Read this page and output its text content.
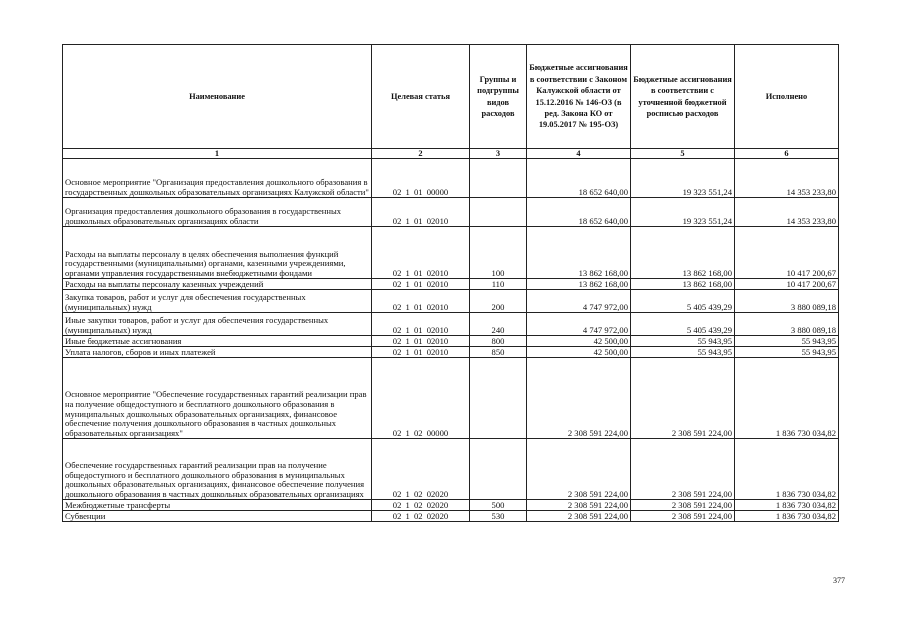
Наименование	Целевая статья	Группы и подгруппы видов расходов	Бюджетные ассигнования в соответствии с Законом Калужской области от 15.12.2016 № 146-ОЗ (в ред. Закона КО от 19.05.2017 № 195-ОЗ)	Бюджетные ассигнования в соответствии с уточненной бюджетной росписью расходов	Исполнено
1	2	3	4	5	6
Основное мероприятие "Организация предоставления дошкольного образования в государственных дошкольных образовательных организациях Калужской области"	02 1 01 00000		18 652 640,00	19 323 551,24	14 353 233,80
Организация предоставления дошкольного образования в государственных дошкольных образовательных организациях области	02 1 01 02010		18 652 640,00	19 323 551,24	14 353 233,80
Расходы на выплаты персоналу в целях обеспечения выполнения функций государственными (муниципальными) органами, казенными учреждениями, органами управления государственными внебюджетными фондами	02 1 01 02010	100	13 862 168,00	13 862 168,00	10 417 200,67
Расходы на выплаты персоналу казенных учреждений	02 1 01 02010	110	13 862 168,00	13 862 168,00	10 417 200,67
Закупка товаров, работ и услуг для обеспечения государственных (муниципальных) нужд	02 1 01 02010	200	4 747 972,00	5 405 439,29	3 880 089,18
Иные закупки товаров, работ и услуг для обеспечения государственных (муниципальных) нужд	02 1 01 02010	240	4 747 972,00	5 405 439,29	3 880 089,18
Иные бюджетные ассигнования	02 1 01 02010	800	42 500,00	55 943,95	55 943,95
Уплата налогов, сборов и иных платежей	02 1 01 02010	850	42 500,00	55 943,95	55 943,95
Основное мероприятие "Обеспечение государственных гарантий реализации прав на получение общедоступного и бесплатного дошкольного образования в муниципальных дошкольных образовательных организациях, финансовое обеспечение получения дошкольного образования в частных дошкольных образовательных организациях"	02 1 02 00000		2 308 591 224,00	2 308 591 224,00	1 836 730 034,82
Обеспечение государственных гарантий реализации прав на получение общедоступного и бесплатного дошкольного образования в муниципальных дошкольных образовательных организациях, финансовое обеспечение получения дошкольного образования в частных дошкольных образовательных организациях	02 1 02 02020		2 308 591 224,00	2 308 591 224,00	1 836 730 034,82
Межбюджетные трансферты	02 1 02 02020	500	2 308 591 224,00	2 308 591 224,00	1 836 730 034,82
Субвенции	02 1 02 02020	530	2 308 591 224,00	2 308 591 224,00	1 836 730 034,82
377
